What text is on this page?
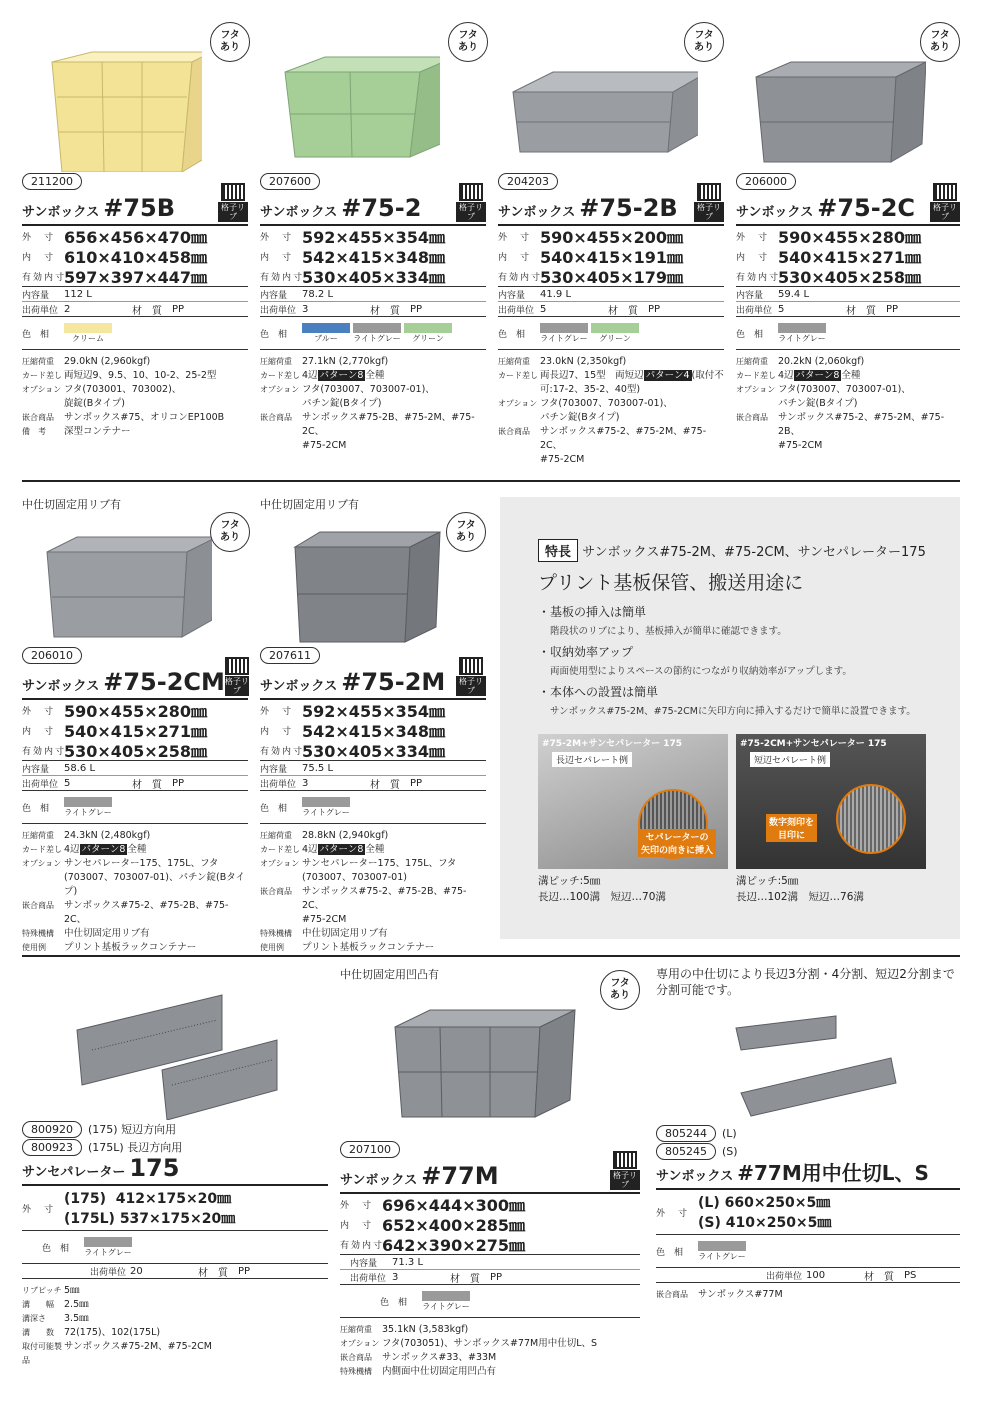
フタ
あり
211200
サンボックス #75B	格子リブ
外　寸 656×456×470㎜
内　寸 610×410×458㎜
有効内寸
597×397×447㎜
内容量	112 L
出荷単位 2	材　質	PP
色　相	クリーム
圧縮荷重	29.0kN (2,960kgf)
カード差し 両短辺9、9.5、10、10-2、25-2型
オプション フタ(703001、703002)、
旋錠(Bタイプ)
嵌合商品	サンボックス#75、オリコンEP100B
備　考	深型コンテナー
フタ
あり
207600
サンボックス #75-2	格子リブ
外　寸 592×455×354㎜
内　寸 542×415×348㎜
有効内寸
530×405×334㎜
内容量	78.2 L
出荷単位 3	材　質	PP
色　相	ブルー	ライトグレー	グリーン
圧縮荷重	27.1kN (2,770kgf)
カード差し 4辺 パターン8 全種
オプション フタ(703007、703007-01)、
パチン錠(Bタイプ)
嵌合商品	サンボックス#75-2B、#75-2M、#75-2C、
#75-2CM
フタ
あり
204203
サンボックス #75-2B	格子リブ
外　寸 590×455×200㎜
内　寸 540×415×191㎜
有効内寸
530×405×179㎜
内容量	41.9 L
出荷単位 5	材　質	PP
色　相	ライトグレー	グリーン
圧縮荷重	23.0kN (2,350kgf)
カード差し 両長辺7、15型　両短辺 パターン4 (取付不
可:17-2、35-2、40型)
オプション フタ(703007、703007-01)、
パチン錠(Bタイプ)
嵌合商品	サンボックス#75-2、#75-2M、#75-2C、
#75-2CM
フタ
あり
206000
サンボックス #75-2C	格子リブ
外　寸 590×455×280㎜
内　寸 540×415×271㎜
有効内寸
530×405×258㎜
内容量	59.4 L
出荷単位 5	材　質	PP
色　相	ライトグレー
圧縮荷重	20.2kN (2,060kgf)
カード差し 4辺 パターン8 全種
オプション フタ(703007、703007-01)、
パチン錠(Bタイプ)
嵌合商品	サンボックス#75-2、#75-2M、#75-2B、
#75-2CM
中仕切固定用リブ有
フタ
あり
206010
サンボックス #75-2CM 格子リブ
外　寸 590×455×280㎜
内　寸 540×415×271㎜
有効内寸
530×405×258㎜
内容量	58.6 L
出荷単位 5	材　質	PP
色　相	ライトグレー
圧縮荷重	24.3kN (2,480kgf)
カード差し 4辺 パターン8 全種
オプション サンセパレーター175、175L、フタ
(703007、703007-01)、パチン錠(Bタイ
プ)
嵌合商品	サンボックス#75-2、#75-2B、#75-2C、
特殊機構	中仕切固定用リブ有
使用例	プリント基板ラックコンテナー
中仕切固定用リブ有
フタ
あり
207611
サンボックス #75-2M	格子リブ
外　寸 592×455×354㎜
内　寸 542×415×348㎜
有効内寸
530×405×334㎜
内容量	75.5 L
出荷単位 3	材　質	PP
色　相	ライトグレー
圧縮荷重	28.8kN (2,940kgf)
カード差し 4辺 パターン8 全種
オプション サンセパレーター175、175L、フタ
(703007、703007-01)
嵌合商品	サンボックス#75-2、#75-2B、#75-2C、
#75-2CM
特殊機構	中仕切固定用リブ有
使用例	プリント基板ラックコンテナー
特長 サンボックス#75-2M、#75-2CM、サンセパレーター175
プリント基板保管、搬送用途に
・基板の挿入は簡単
階段状のリブにより、基板挿入が簡単に確認できます。
・収納効率アップ
両面使用型によりスペースの節約につながり収納効率がアップします。
・本体への設置は簡単
サンボックス#75-2M、#75-2CMに矢印方向に挿入するだけで簡単に設置できます。
#75-2M+サンセパレーター 175
長辺セパレート例
セパレーターの
矢印の向きに挿入
#75-2CM+サンセパレーター 175
短辺セパレート例
数字刻印を
目印に
溝ピッチ:5㎜
長辺…100溝　短辺…70溝
溝ピッチ:5㎜
長辺…102溝　短辺…76溝
800920	(175) 短辺方向用
800923	(175L) 長辺方向用
サンセパレーター 175
外　寸
(175)  412×175×20㎜
(175L) 537×175×20㎜
色　相	ライトグレー
出荷単位 20	材　質	PP
リブピッチ 5㎜
溝　　幅	2.5㎜
溝深さ	3.5㎜
溝　　数	72(175)、102(175L)
取付可能製品
サンボックス#75-2M、#75-2CM
中仕切固定用凹凸有
207100
サンボックス #77M	格子リブ
外　寸 696×444×300㎜
内　寸 652×400×285㎜
有効内寸
642×390×275㎜
内容量	71.3 L
出荷単位 3	材　質	PP
色　相	ライトグレー
圧縮荷重	35.1kN (3,583kgf)
オプション フタ(703051)、サンボックス#77M用中仕切L、S
嵌合商品	サンボックス#33、#33M
特殊機構	内側面中仕切固定用凹凸有
フタ
あり
専用の中仕切により長辺3分割・4分割、短辺2分割まで
分割可能です。
805244	(L)
805245	(S)
サンボックス #77M用中仕切L、S
外　寸
(L) 660×250×5㎜
(S) 410×250×5㎜
色　相	ライトグレー
出荷単位 100	材　質	PS
嵌合商品	サンボックス#77M
